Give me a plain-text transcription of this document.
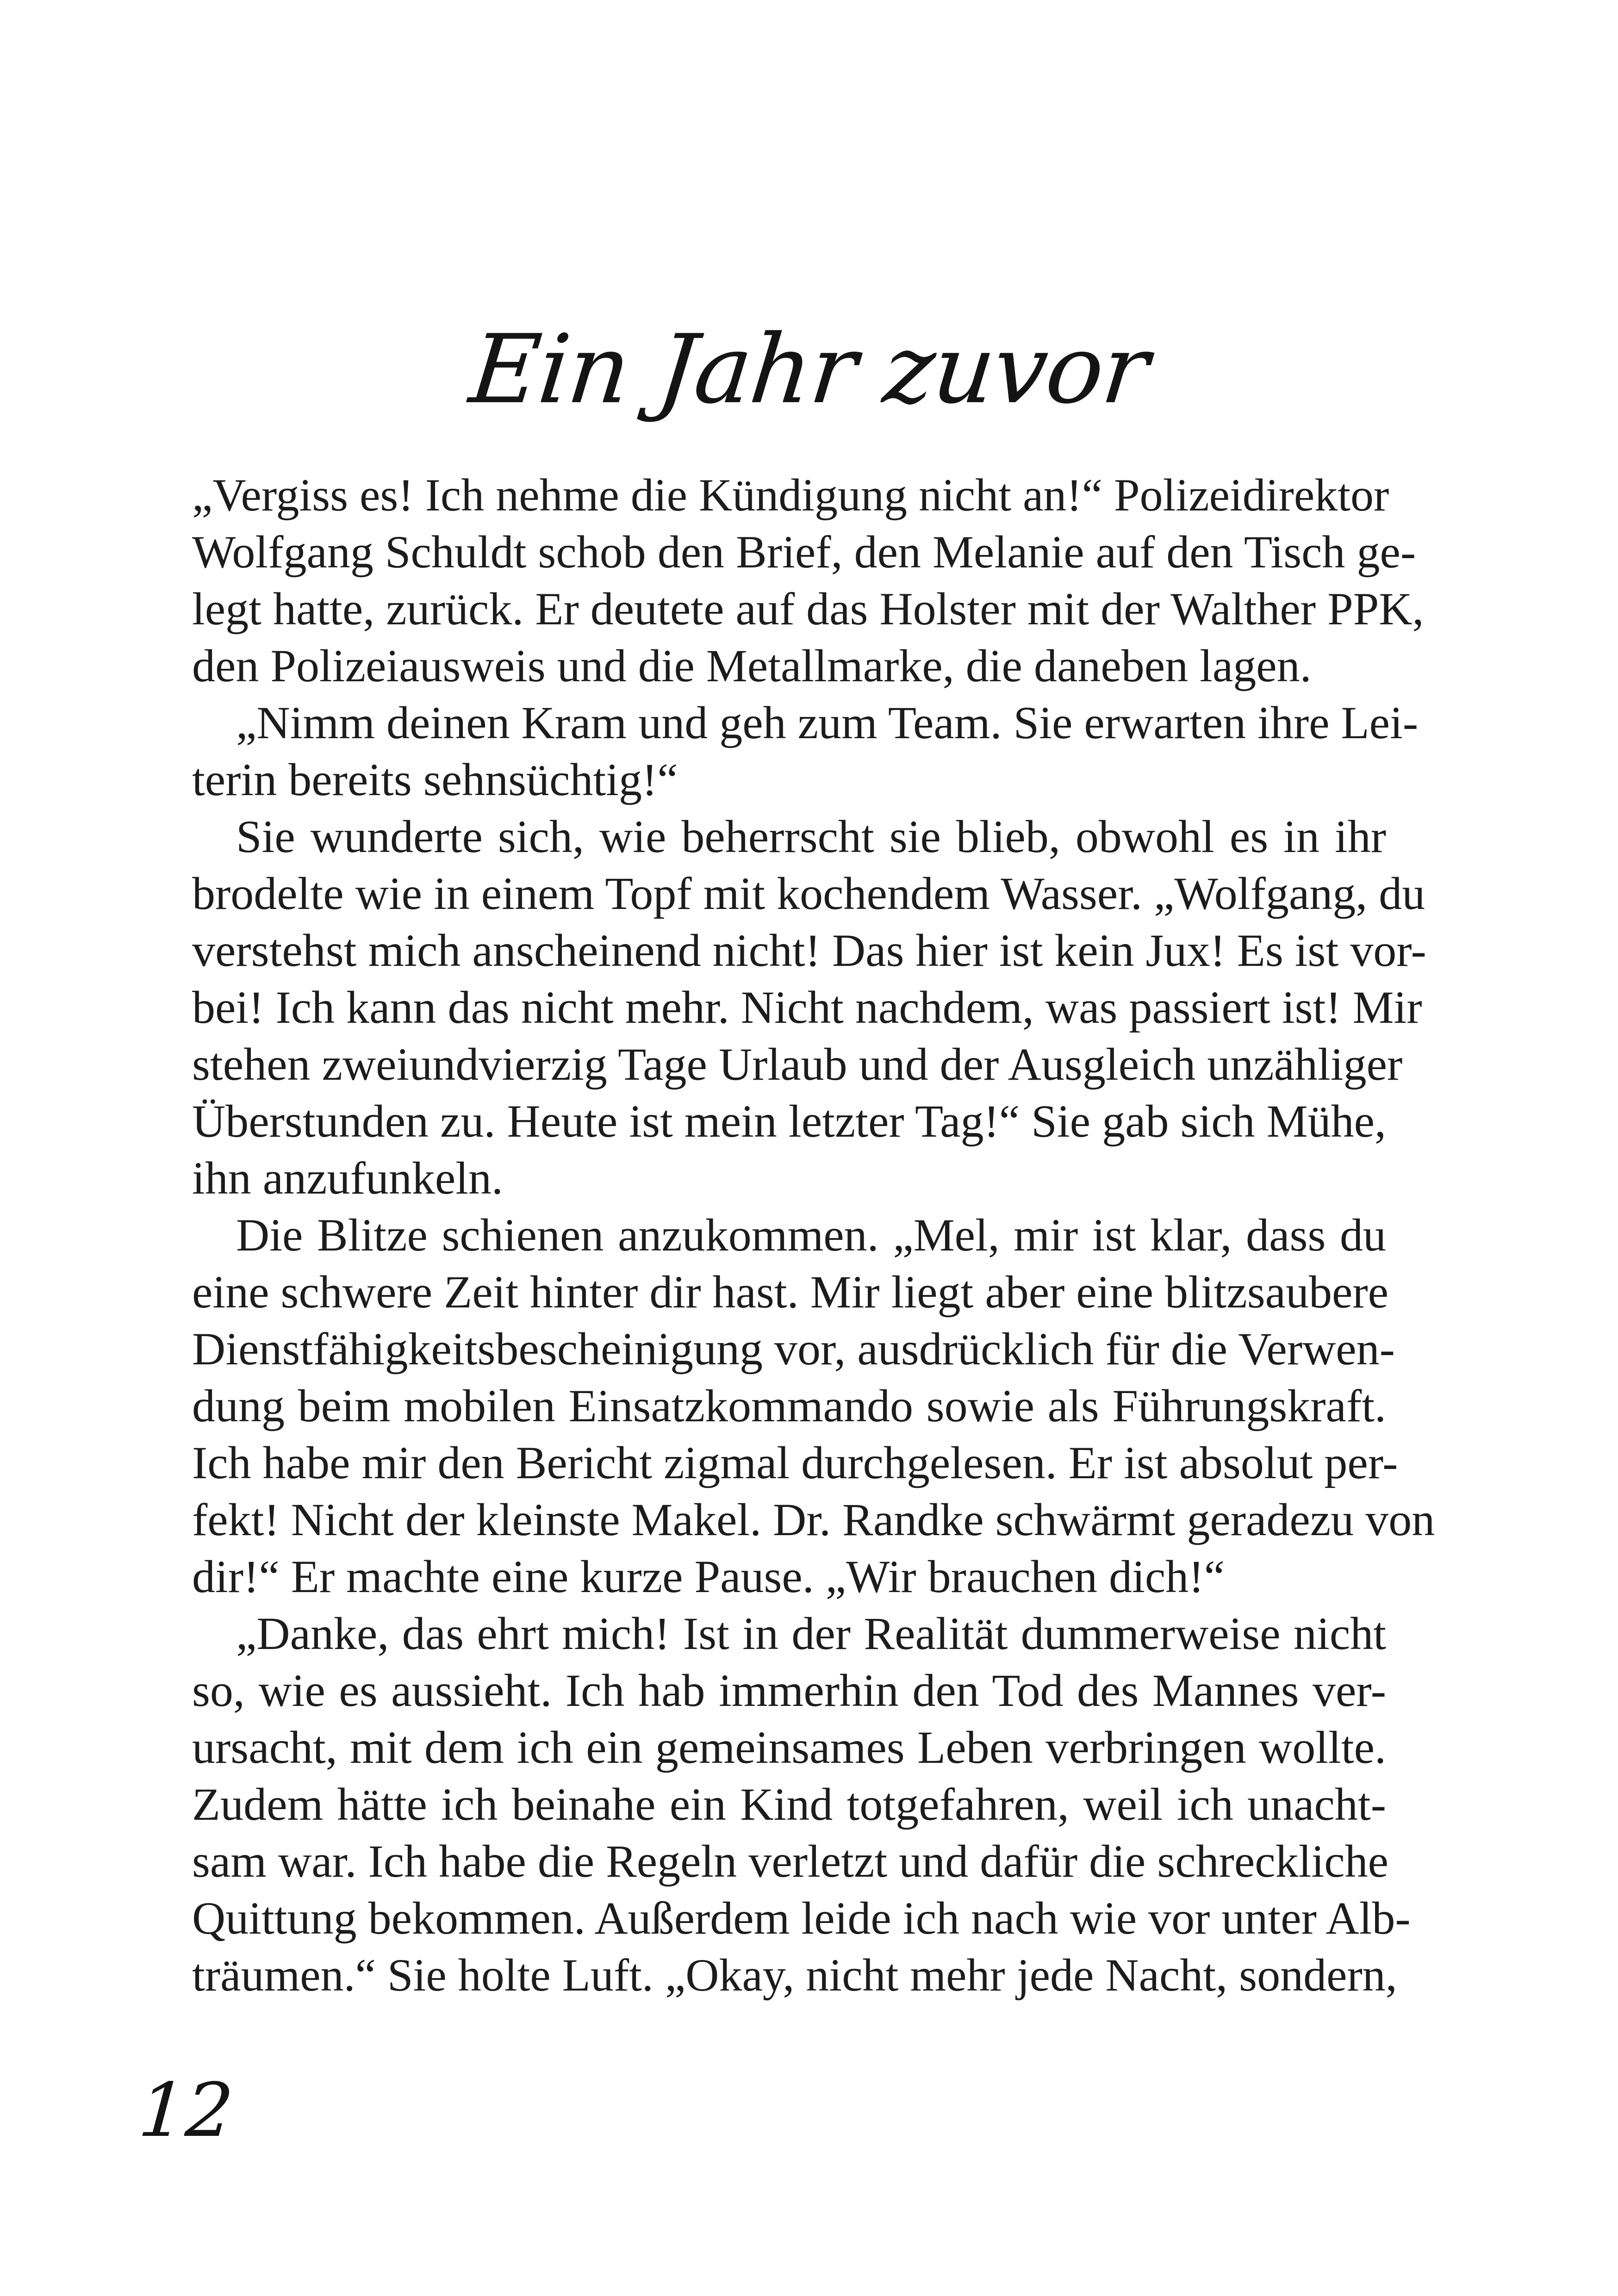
Ein Jahr zuvor
„Vergiss es! Ich nehme die Kündigung nicht an!“ Polizeidirektor
Wolfgang Schuldt schob den Brief, den Melanie auf den Tisch ge-
legt hatte, zurück. Er deutete auf das Holster mit der Walther PPK,
den Polizeiausweis und die Metallmarke, die daneben lagen.
„Nimm deinen Kram und geh zum Team. Sie erwarten ihre Lei-
terin bereits sehnsüchtig!“
Sie wunderte sich, wie beherrscht sie blieb, obwohl es in ihr
brodelte wie in einem Topf mit kochendem Wasser. „Wolfgang, du
verstehst mich anscheinend nicht! Das hier ist kein Jux! Es ist vor-
bei! Ich kann das nicht mehr. Nicht nachdem, was passiert ist! Mir
stehen zweiundvierzig Tage Urlaub und der Ausgleich unzähliger
Überstunden zu. Heute ist mein letzter Tag!“ Sie gab sich Mühe,
ihn anzufunkeln.
Die Blitze schienen anzukommen. „Mel, mir ist klar, dass du
eine schwere Zeit hinter dir hast. Mir liegt aber eine blitzsaubere
Dienstfähigkeitsbescheinigung vor, ausdrücklich für die Verwen-
dung beim mobilen Einsatzkommando sowie als Führungskraft.
Ich habe mir den Bericht zigmal durchgelesen. Er ist absolut per-
fekt! Nicht der kleinste Makel. Dr. Randke schwärmt geradezu von
dir!“ Er machte eine kurze Pause. „Wir brauchen dich!“
„Danke, das ehrt mich! Ist in der Realität dummerweise nicht
so, wie es aussieht. Ich hab immerhin den Tod des Mannes ver-
ursacht, mit dem ich ein gemeinsames Leben verbringen wollte.
Zudem hätte ich beinahe ein Kind totgefahren, weil ich unacht-
sam war. Ich habe die Regeln verletzt und dafür die schreckliche
Quittung bekommen. Außerdem leide ich nach wie vor unter Alb-
träumen.“ Sie holte Luft. „Okay, nicht mehr jede Nacht, sondern,
12
